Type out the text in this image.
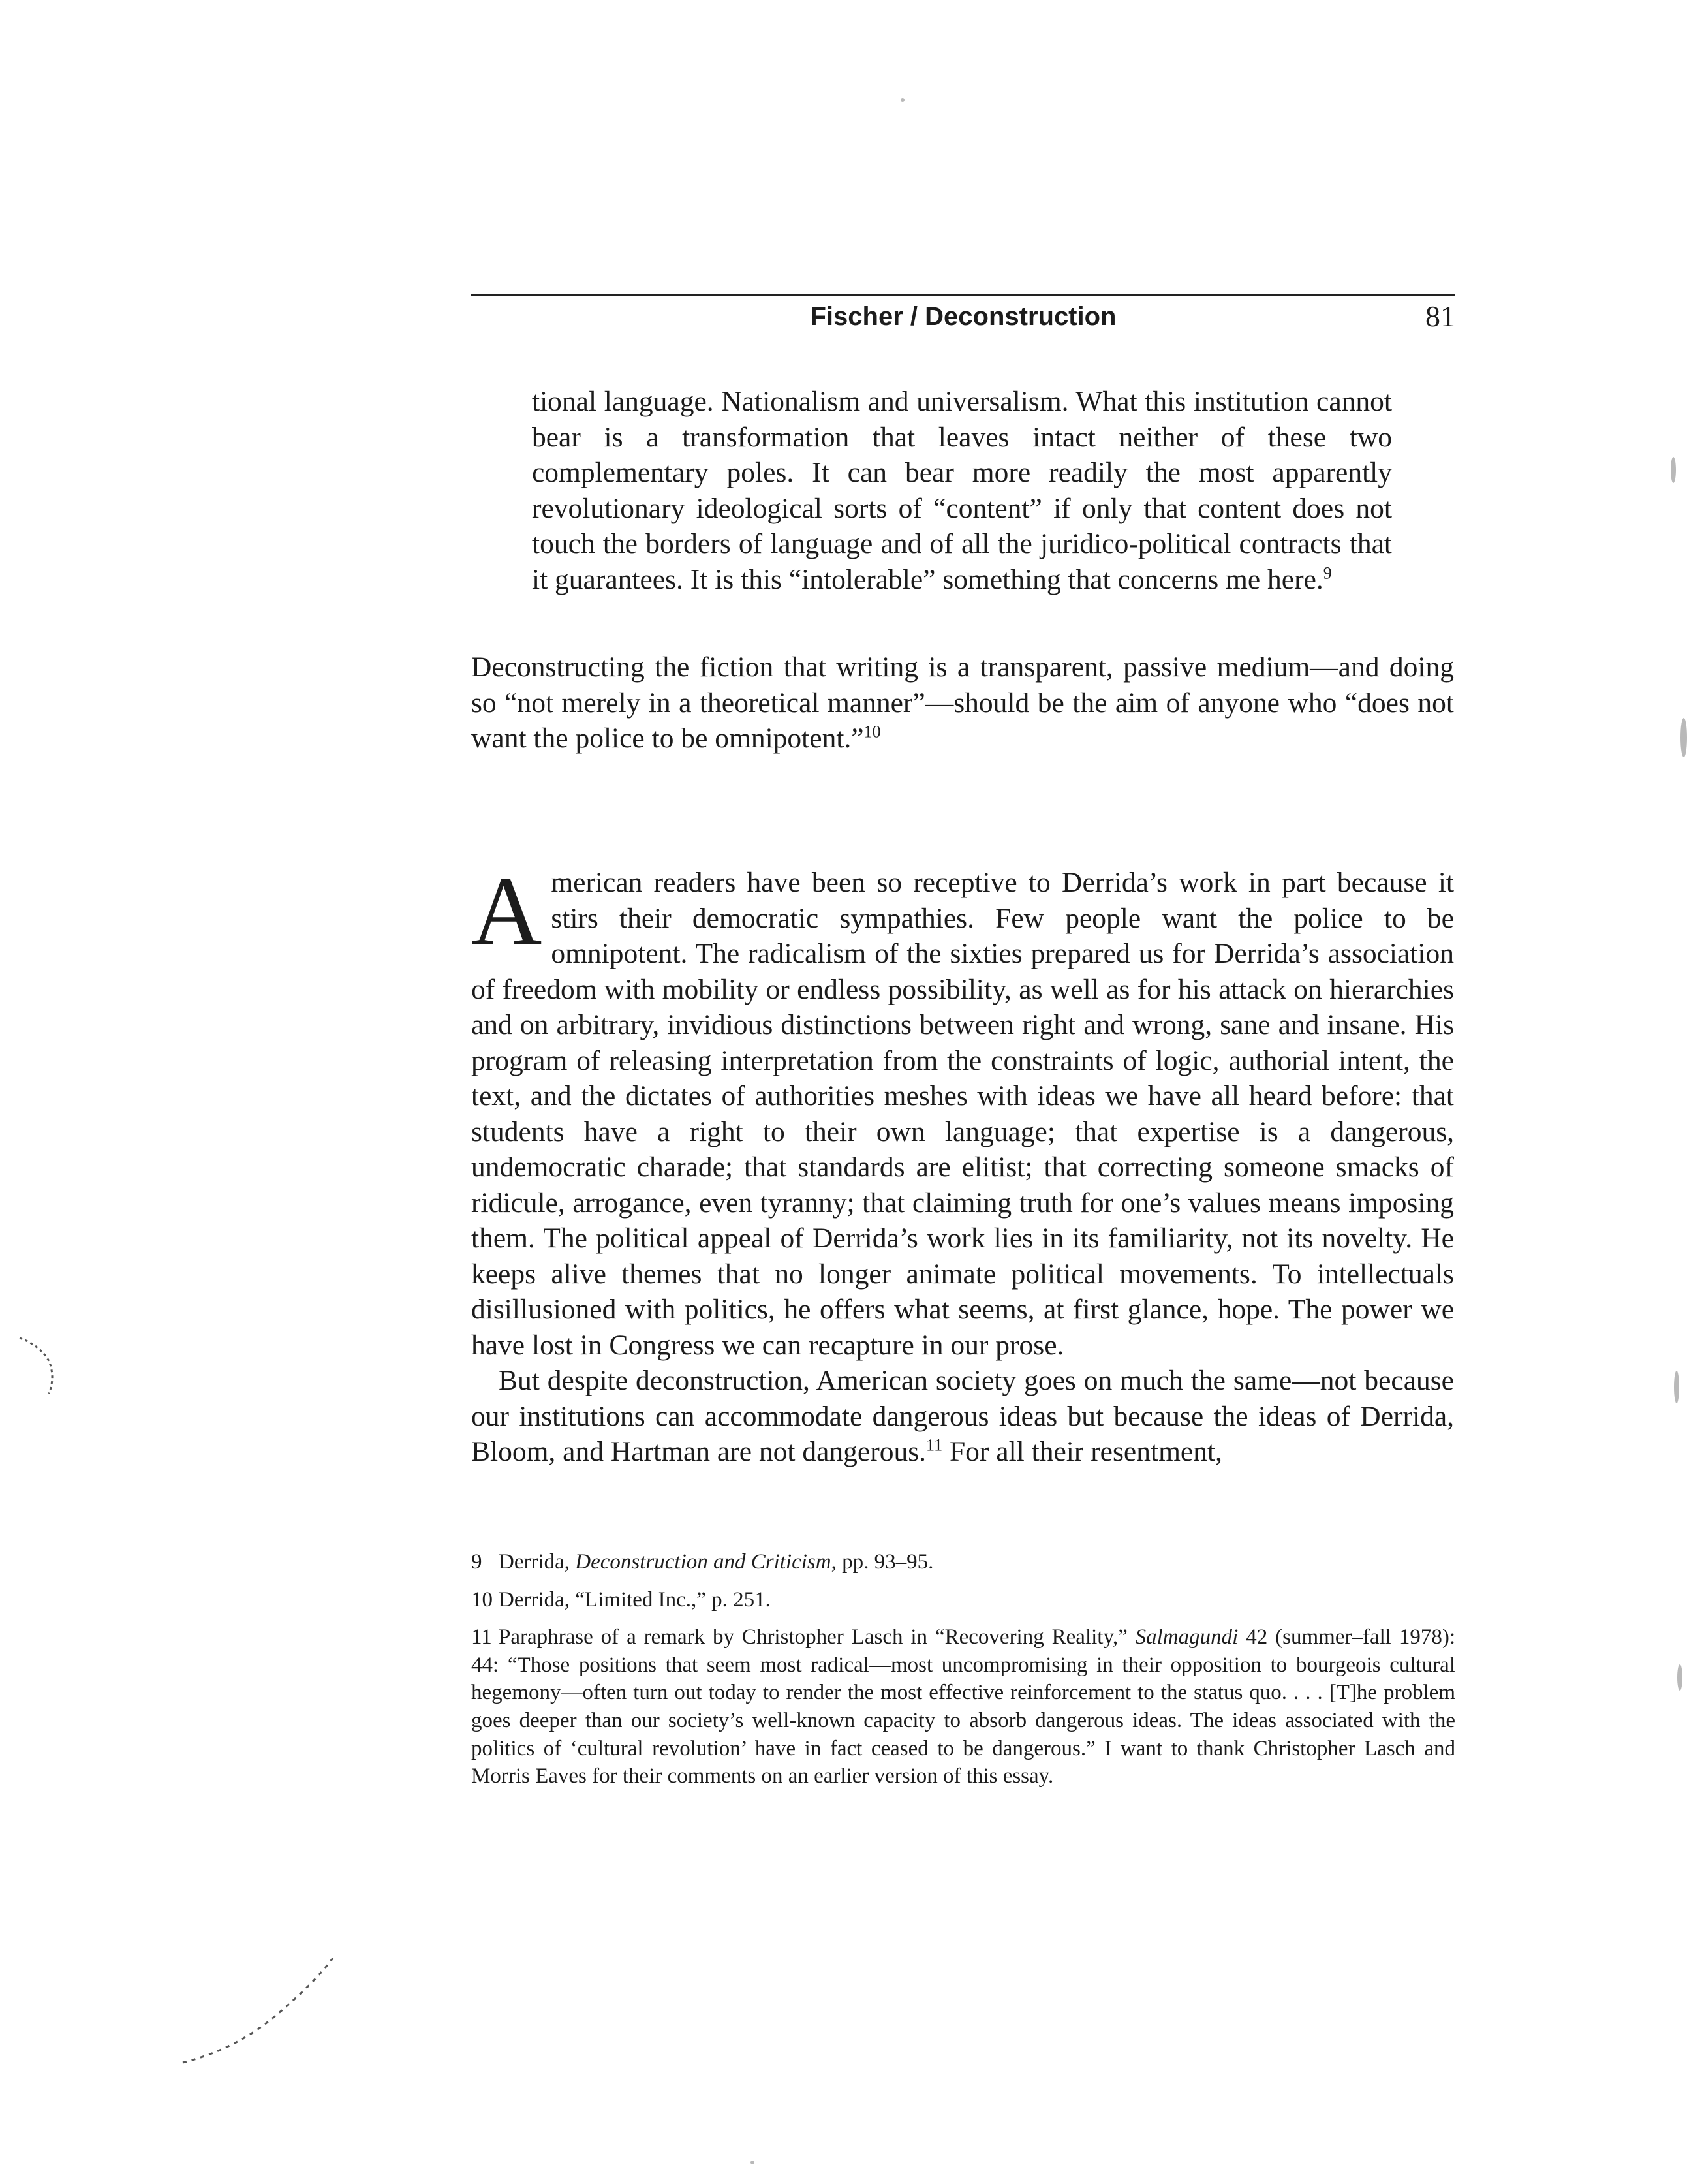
Fischer / Deconstruction	81
tional language. Nationalism and universalism. What this institution cannot bear is a transformation that leaves intact neither of these two complementary poles. It can bear more readily the most apparently revolutionary ideological sorts of “content” if only that content does not touch the borders of language and of all the juridico-political contracts that it guarantees. It is this “intolerable” something that concerns me here.$^9$
Deconstructing the fiction that writing is a transparent, passive medium—and doing so “not merely in a theoretical manner”—should be the aim of anyone who “does not want the police to be omnipotent.”$^{10}$

American readers have been so receptive to Derrida’s work in part because it stirs their democratic sympathies. Few people want the police to be omnipotent. The radicalism of the sixties prepared us for Derrida’s association of freedom with mobility or endless possibility, as well as for his attack on hierarchies and on arbitrary, invidious distinctions between right and wrong, sane and insane. His program of releasing interpretation from the constraints of logic, authorial intent, the text, and the dictates of authorities meshes with ideas we have all heard before: that students have a right to their own language; that expertise is a dangerous, undemocratic charade; that standards are elitist; that correcting someone smacks of ridicule, arrogance, even tyranny; that claiming truth for one’s values means imposing them. The political appeal of Derrida’s work lies in its familiarity, not its novelty. He keeps alive themes that no longer animate political movements. To intellectuals disillusioned with politics, he offers what seems, at first glance, hope. The power we have lost in Congress we can recapture in our prose.

But despite deconstruction, American society goes on much the same—not because our institutions can accommodate dangerous ideas but because the ideas of Derrida, Bloom, and Hartman are not dangerous.$^{11}$ For all their resentment,

9 Derrida, Deconstruction and Criticism, pp. 93–95.

10 Derrida, “Limited Inc.,” p. 251.

11 Paraphrase of a remark by Christopher Lasch in “Recovering Reality,” Salmagundi 42 (summer–fall 1978): 44: “Those positions that seem most radical—most uncompromising in their opposition to bourgeois cultural hegemony—often turn out today to render the most effective reinforcement to the status quo. . . . [T]he problem goes deeper than our society’s well-known capacity to absorb dangerous ideas. The ideas associated with the politics of ‘cultural revolution’ have in fact ceased to be dangerous.” I want to thank Christopher Lasch and Morris Eaves for their comments on an earlier version of this essay.
